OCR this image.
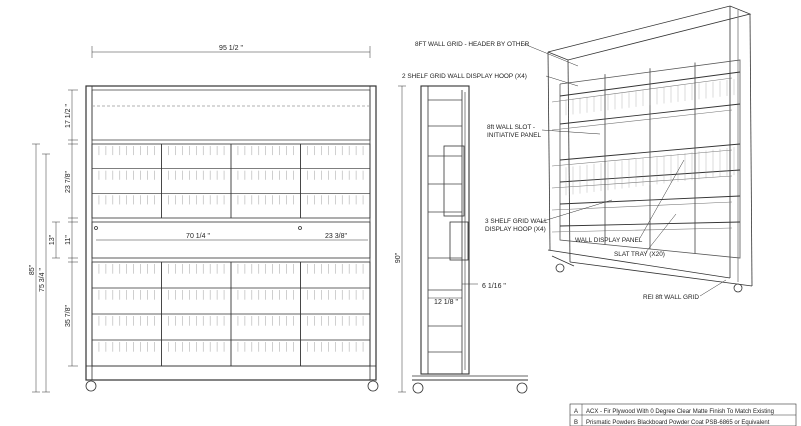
95 1/2 "
17 1/2 "
23 7/8"
13" 11"
35 7/8"
75 3/4 "
85"
90"
70 1/4 "	23 3/8"
12 1/8 "
6 1/16 "
8FT WALL GRID - HEADER BY OTHER
2 SHELF GRID WALL DISPLAY HOOP (X4)
8ft WALL SLOT -
INITIATIVE PANEL
3 SHELF GRID WALL
DISPLAY HOOP (X4)
WALL DISPLAY PANEL
SLAT TRAY (X20)
REI 8ft WALL GRID
A ACX - Fir Plywood With 0 Degree Clear Matte Finish To Match Existing
B Prismatic Powders Blackboard Powder Coat PSB-6865 or Equivalent
